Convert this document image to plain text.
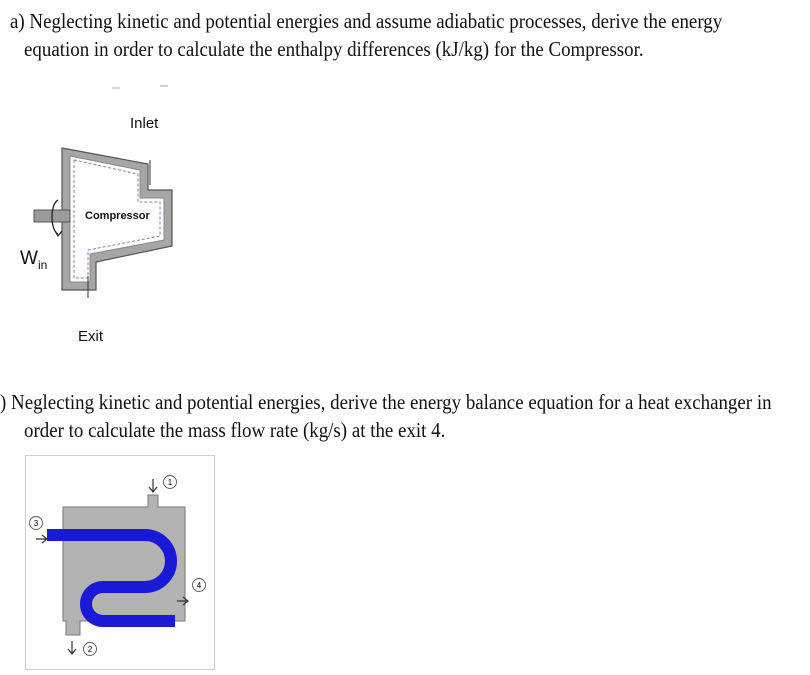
a) Neglecting kinetic and potential energies and assume adiabatic processes, derive the energy
equation in order to calculate the enthalpy differences (kJ/kg) for the Compressor.
Inlet
Compressor
$W_{in}$
Exit
) Neglecting kinetic and potential energies, derive the energy balance equation for a heat exchanger in
order to calculate the mass flow rate (kg/s) at the exit 4.
1
3
4
2
